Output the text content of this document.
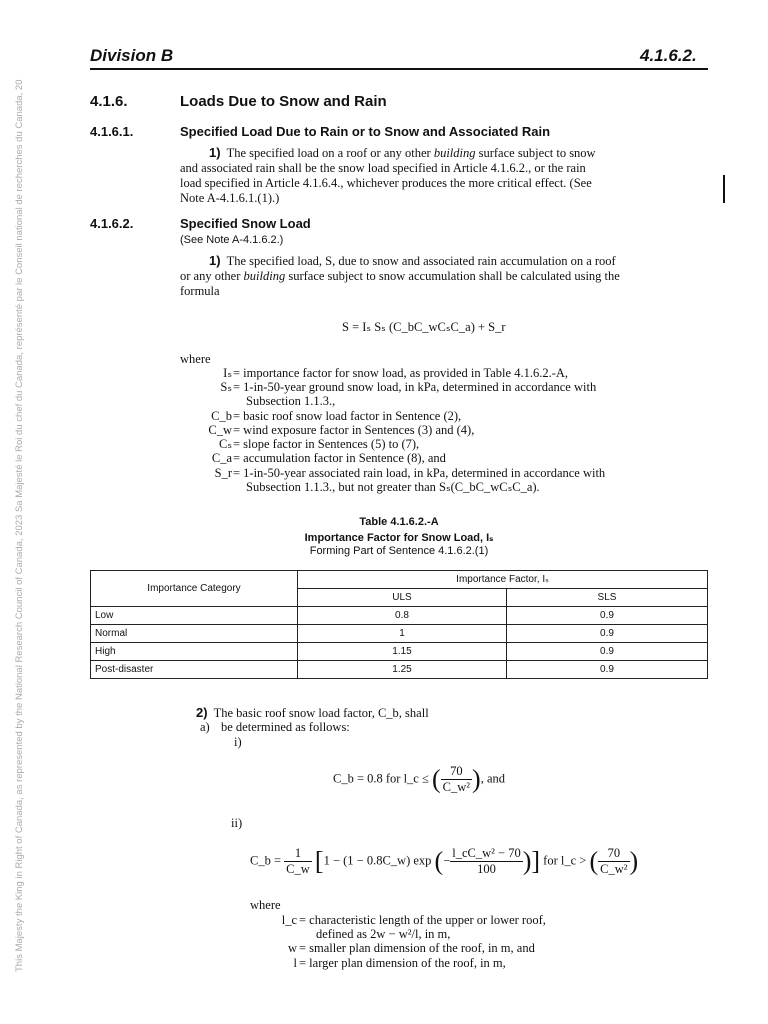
This Majesty the King in Right of Canada, as represented by the National Research Council of Canada, 2023 Sa Majesté le Roi du chef du Canada, représenté par le Conseil national de recherches du Canada, 20
Division B	4.1.6.2.
4.1.6.	Loads Due to Snow and Rain
4.1.6.1.	Specified Load Due to Rain or to Snow and Associated Rain
1) The specified load on a roof or any other building surface subject to snow
and associated rain shall be the snow load specified in Article 4.1.6.2., or the rain
load specified in Article 4.1.6.4., whichever produces the more critical effect. (See
Note A-4.1.6.1.(1).)
4.1.6.2.	Specified Snow Load
(See Note A-4.1.6.2.)
1) The specified load, S, due to snow and associated rain accumulation on a roof
or any other building surface subject to snow accumulation shall be calculated using the
formula
S = Iₛ Sₛ (C_bC_wCₛC_a) + S_r
where
Iₛ = importance factor for snow load, as provided in Table 4.1.6.2.-A,
Sₛ = 1-in-50-year ground snow load, in kPa, determined in accordance with
Subsection 1.1.3.,
C_b = basic roof snow load factor in Sentence (2),
C_w = wind exposure factor in Sentences (3) and (4),
Cₛ = slope factor in Sentences (5) to (7),
C_a = accumulation factor in Sentence (8), and
S_r = 1-in-50-year associated rain load, in kPa, determined in accordance with
Subsection 1.1.3., but not greater than Sₛ(C_bC_wCₛC_a).
Table 4.1.6.2.-A
Importance Factor for Snow Load, Iₛ
Forming Part of Sentence 4.1.6.2.(1)
Importance Category	Importance Factor, Iₛ	
	ULS	SLS
Low	0.8	0.9
Normal	1	0.9
High	1.15	0.9
Post-disaster	1.25	0.9
2) The basic roof snow load factor, C_b, shall
a) be determined as follows:
i)
C_b = 0.8 for l_c ≤ ( $\frac{70}{\text{C\_w²}}$ ), and
ii)
C_b = $\frac{1}{C\_w} [1 - (1$ − 0.8C_w) exp (− $\frac{\text{l\_cC\_w² − 70}}{100}$ )] for l_c > ( $\frac{70}{\text{C\_w²}}$ )
where
l_c = characteristic length of the upper or lower roof,
defined as 2w − w²/l, in m,
w = smaller plan dimension of the roof, in m, and
l = larger plan dimension of the roof, in m,
